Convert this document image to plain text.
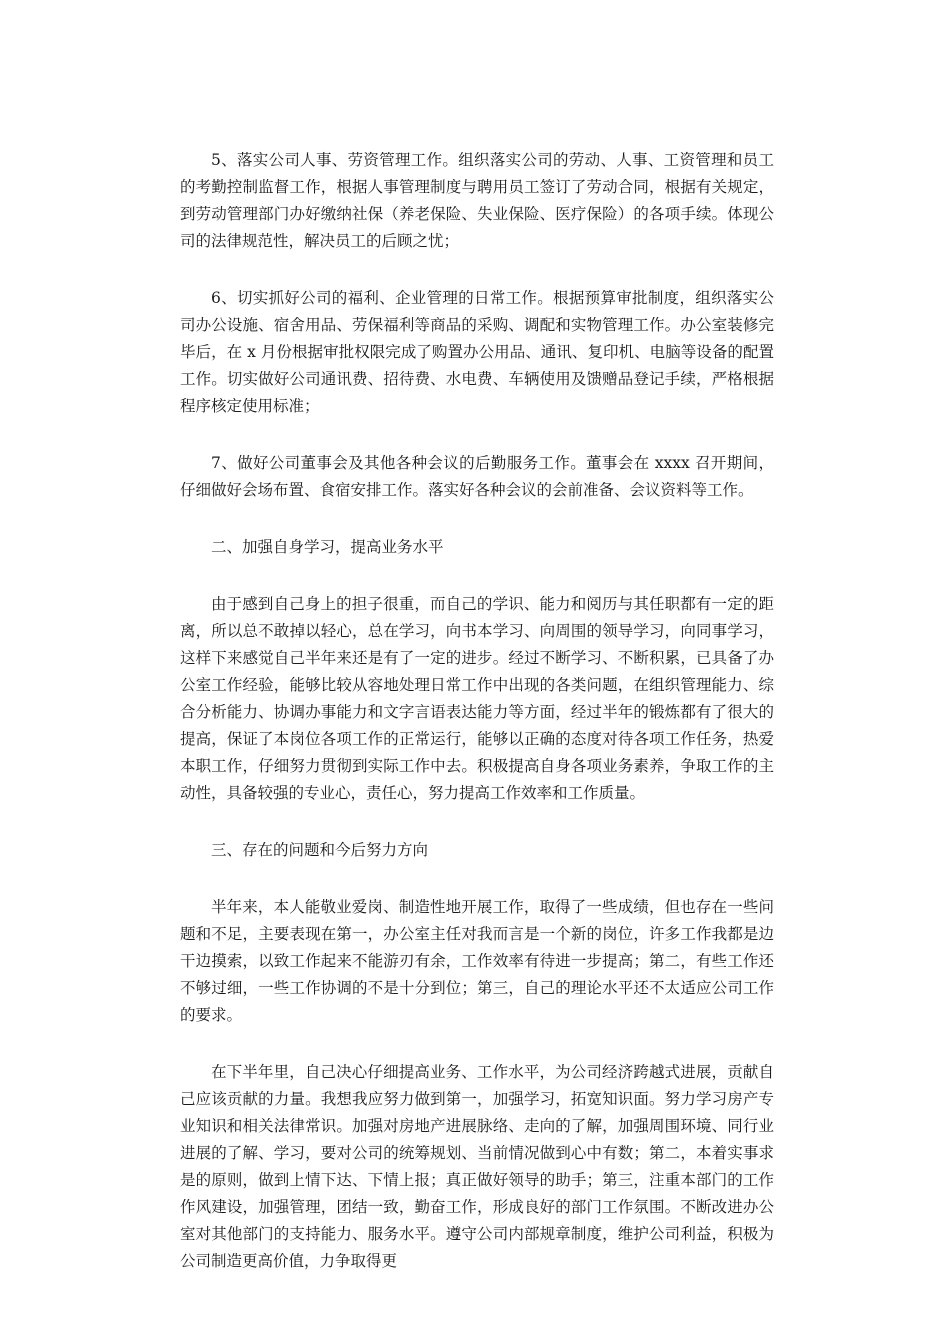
5、落实公司人事、劳资管理工作。组织落实公司的劳动、人事、工资管理和员工的考勤控制监督工作，根据人事管理制度与聘用员工签订了劳动合同，根据有关规定，到劳动管理部门办好缴纳社保（养老保险、失业保险、医疗保险）的各项手续。体现公司的法律规范性，解决员工的后顾之忧；

6、切实抓好公司的福利、企业管理的日常工作。根据预算审批制度，组织落实公司办公设施、宿舍用品、劳保福利等商品的采购、调配和实物管理工作。办公室装修完毕后，在 x 月份根据审批权限完成了购置办公用品、通讯、复印机、电脑等设备的配置工作。切实做好公司通讯费、招待费、水电费、车辆使用及馈赠品登记手续，严格根据程序核定使用标准；

7、做好公司董事会及其他各种会议的后勤服务工作。董事会在 xxxx 召开期间，仔细做好会场布置、食宿安排工作。落实好各种会议的会前准备、会议资料等工作。

二、加强自身学习，提高业务水平

由于感到自己身上的担子很重，而自己的学识、能力和阅历与其任职都有一定的距离，所以总不敢掉以轻心，总在学习，向书本学习、向周围的领导学习，向同事学习，这样下来感觉自己半年来还是有了一定的进步。经过不断学习、不断积累，已具备了办公室工作经验，能够比较从容地处理日常工作中出现的各类问题，在组织管理能力、综合分析能力、协调办事能力和文字言语表达能力等方面，经过半年的锻炼都有了很大的提高，保证了本岗位各项工作的正常运行，能够以正确的态度对待各项工作任务，热爱本职工作，仔细努力贯彻到实际工作中去。积极提高自身各项业务素养，争取工作的主动性，具备较强的专业心，责任心，努力提高工作效率和工作质量。

三、存在的问题和今后努力方向

半年来，本人能敬业爱岗、制造性地开展工作，取得了一些成绩，但也存在一些问题和不足，主要表现在第一，办公室主任对我而言是一个新的岗位，许多工作我都是边干边摸索，以致工作起来不能游刃有余，工作效率有待进一步提高；第二，有些工作还不够过细，一些工作协调的不是十分到位；第三，自己的理论水平还不太适应公司工作的要求。

在下半年里，自己决心仔细提高业务、工作水平，为公司经济跨越式进展，贡献自己应该贡献的力量。我想我应努力做到第一，加强学习，拓宽知识面。努力学习房产专业知识和相关法律常识。加强对房地产进展脉络、走向的了解，加强周围环境、同行业进展的了解、学习，要对公司的统筹规划、当前情况做到心中有数；第二，本着实事求是的原则，做到上情下达、下情上报；真正做好领导的助手；第三，注重本部门的工作作风建设，加强管理，团结一致，勤奋工作，形成良好的部门工作氛围。不断改进办公室对其他部门的支持能力、服务水平。遵守公司内部规章制度，维护公司利益，积极为公司制造更高价值，力争取得更
